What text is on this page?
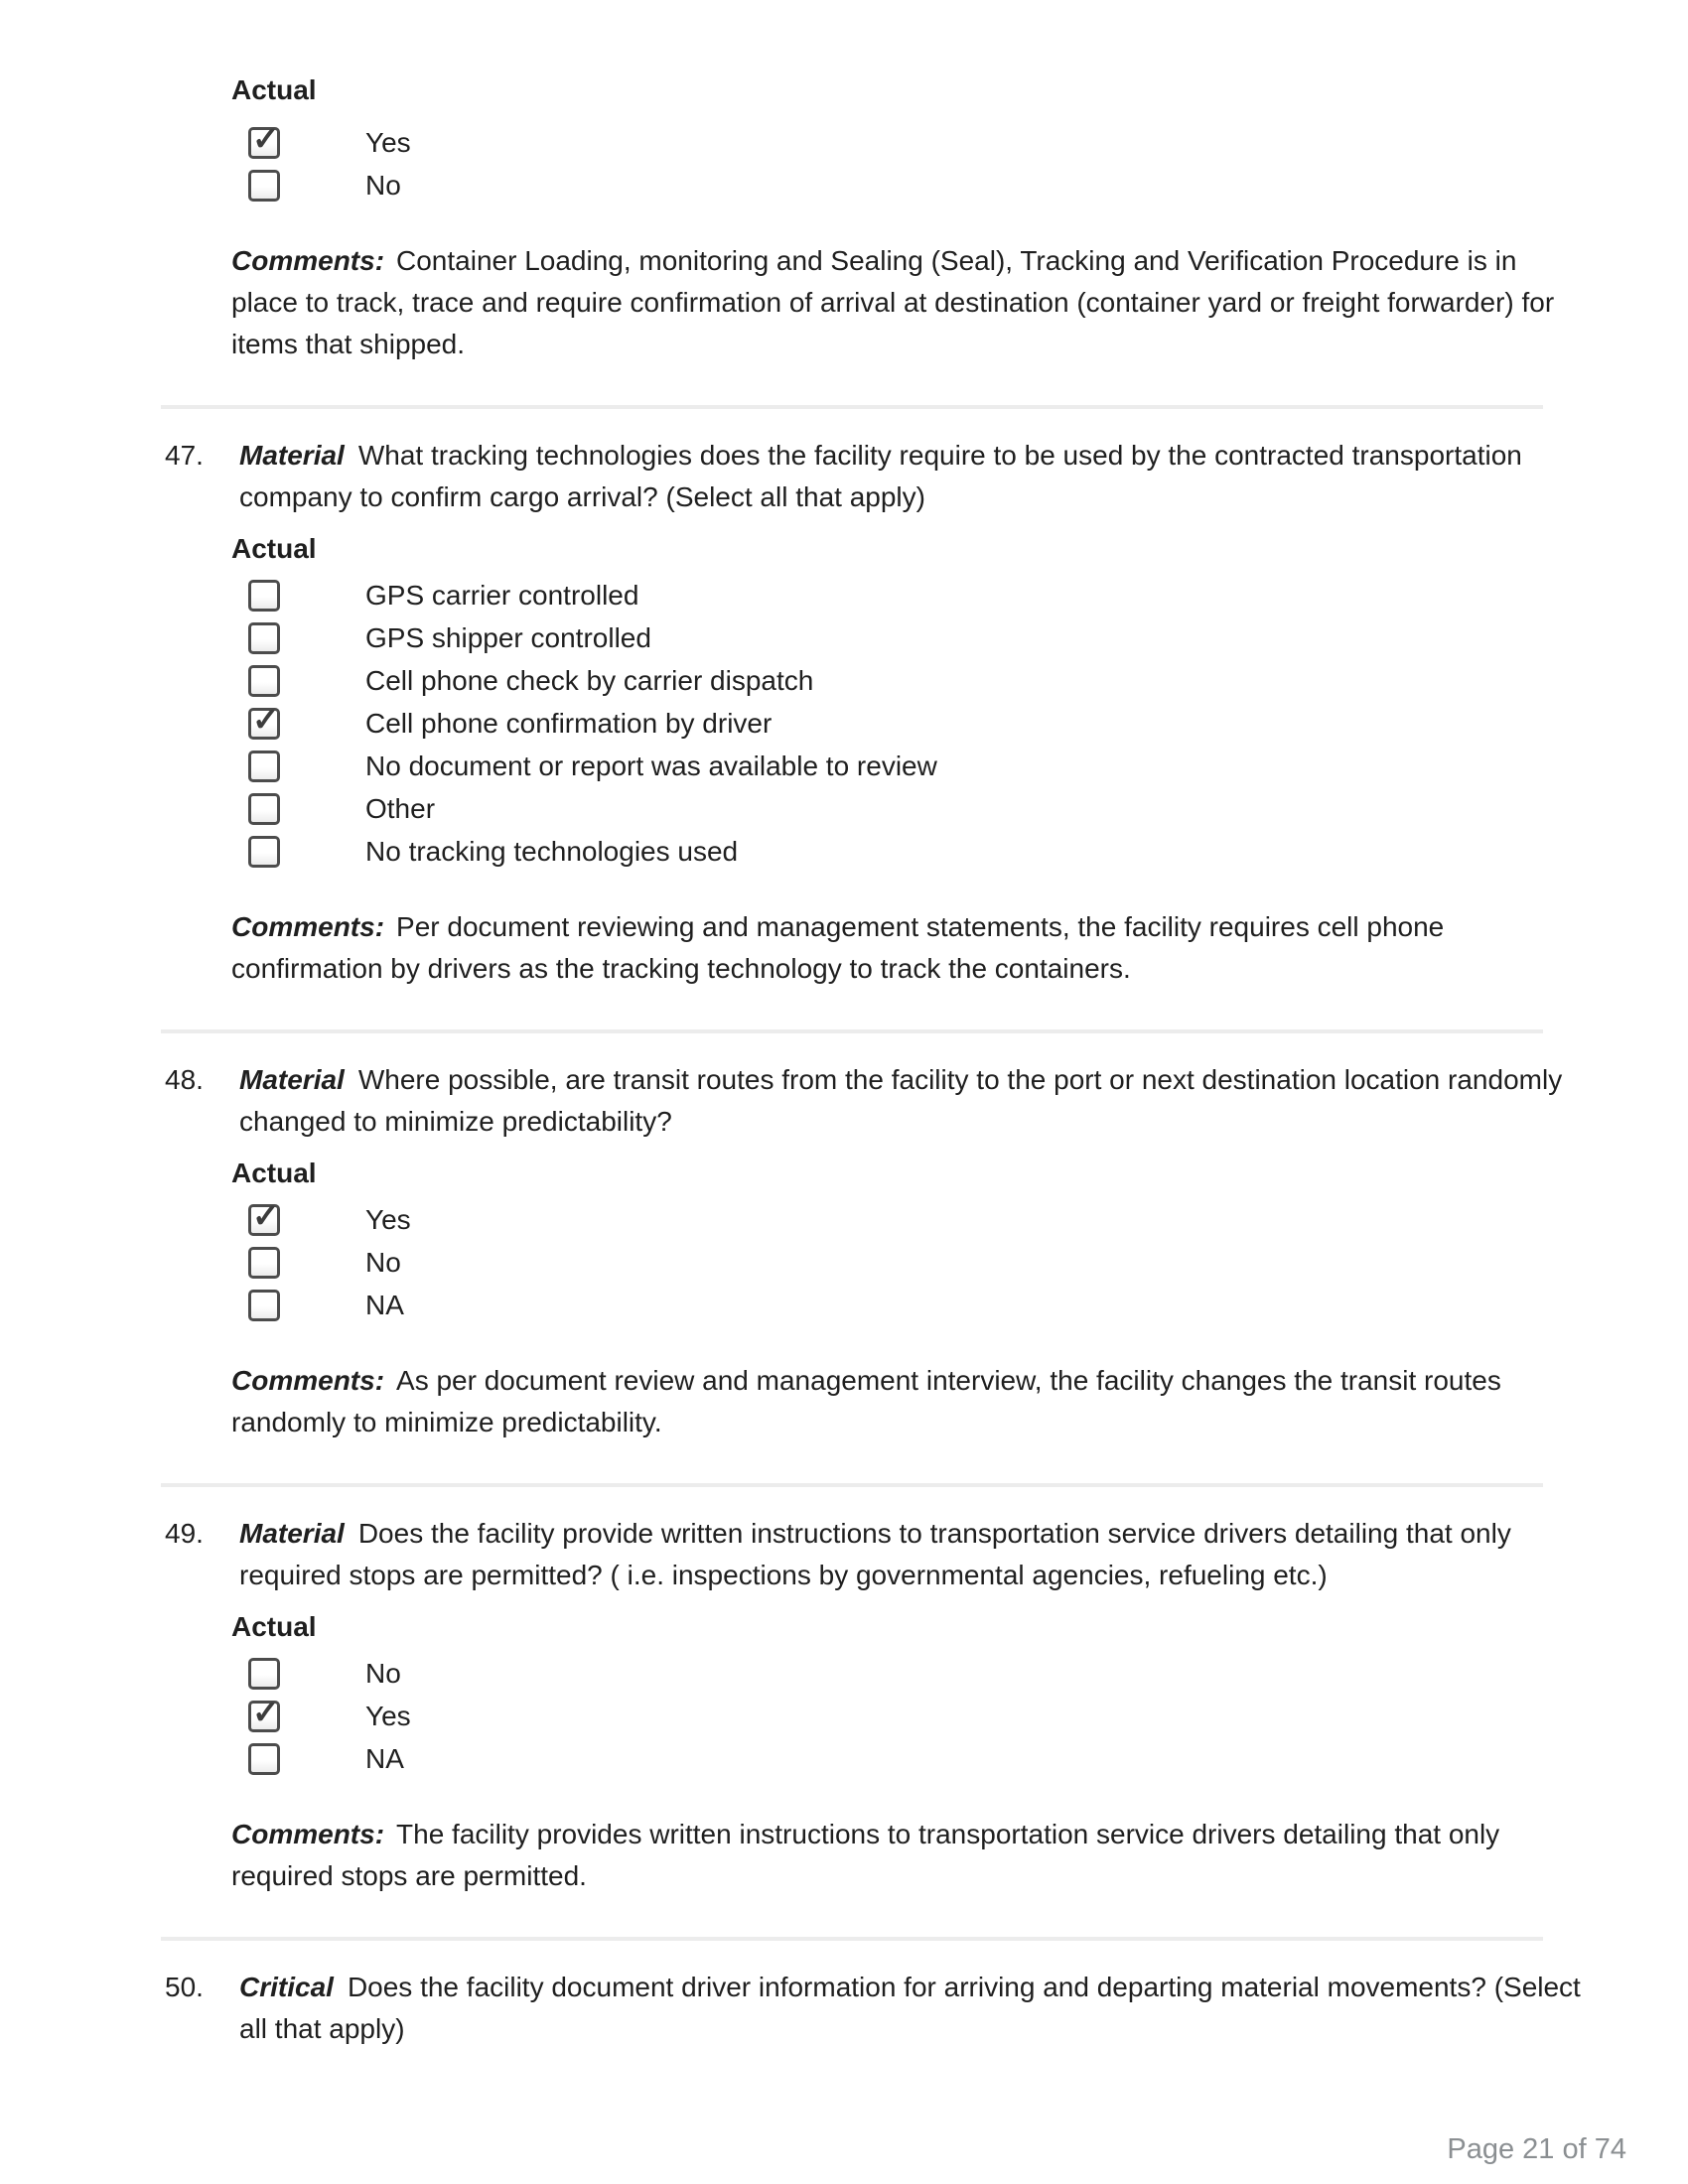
Actual
✓	Yes
No

Comments: Container Loading, monitoring and Sealing (Seal), Tracking and Verification Procedure is in place to track, trace and require confirmation of arrival at destination (container yard or freight forwarder) for items that shipped.

47. Material What tracking technologies does the facility require to be used by the contracted transportation company to confirm cargo arrival? (Select all that apply)
Actual
GPS carrier controlled
GPS shipper controlled
Cell phone check by carrier dispatch
✓	Cell phone confirmation by driver
No document or report was available to review
Other
No tracking technologies used

Comments: Per document reviewing and management statements, the facility requires cell phone confirmation by drivers as the tracking technology to track the containers.

48. Material Where possible, are transit routes from the facility to the port or next destination location randomly changed to minimize predictability?
Actual
✓	Yes
No
NA

Comments: As per document review and management interview, the facility changes the transit routes randomly to minimize predictability.

49. Material Does the facility provide written instructions to transportation service drivers detailing that only required stops are permitted? ( i.e. inspections by governmental agencies, refueling etc.)
Actual
No
✓	Yes
NA

Comments: The facility provides written instructions to transportation service drivers detailing that only required stops are permitted.

50. Critical Does the facility document driver information for arriving and departing material movements? (Select all that apply)
Page 21 of 74
